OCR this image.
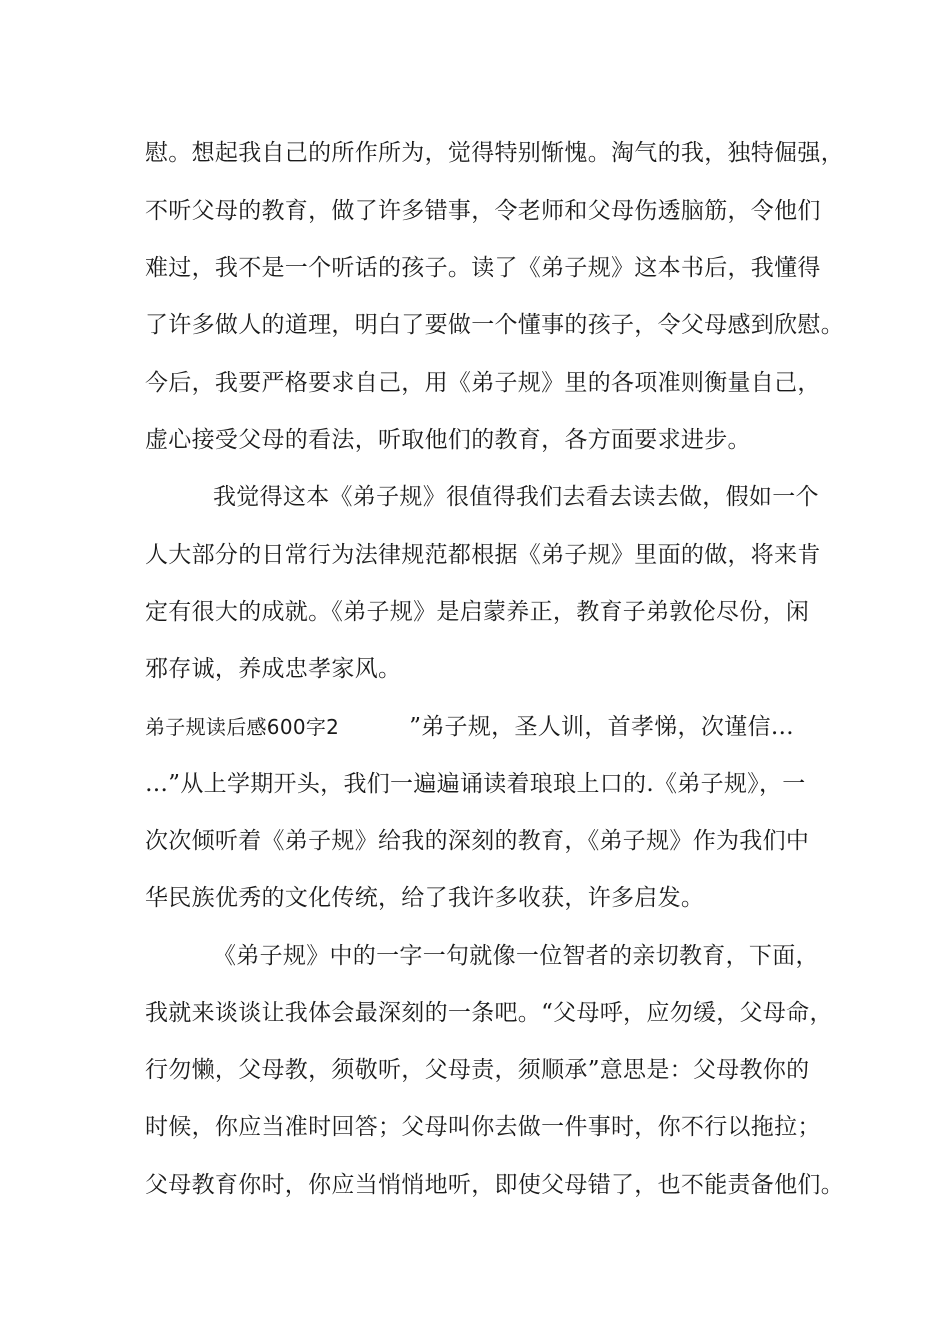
慰。想起我自己的所作所为，觉得特别惭愧。淘气的我，独特倔强，
不听父母的教育，做了许多错事，令老师和父母伤透脑筋，令他们
难过，我不是一个听话的孩子。读了《弟子规》这本书后，我懂得
了许多做人的道理，明白了要做一个懂事的孩子，令父母感到欣慰。
今后，我要严格要求自己，用《弟子规》里的各项准则衡量自己，
虚心接受父母的看法，听取他们的教育，各方面要求进步。
我觉得这本《弟子规》很值得我们去看去读去做，假如一个
人大部分的日常行为法律规范都根据《弟子规》里面的做，将来肯
定有很大的成就。《弟子规》是启蒙养正，教育子弟敦伦尽份，闲
邪存诚，养成忠孝家风。
弟子规读后感600字2	”弟子规，圣人训，首孝悌，次谨信…
…”从上学期开头，我们一遍遍诵读着琅琅上口的.《弟子规》，一
次次倾听着《弟子规》给我的深刻的教育，《弟子规》作为我们中
华民族优秀的文化传统，给了我许多收获，许多启发。
《弟子规》中的一字一句就像一位智者的亲切教育，下面，
我就来谈谈让我体会最深刻的一条吧。“父母呼，应勿缓，父母命，
行勿懒，父母教，须敬听，父母责，须顺承”意思是：父母教你的
时候，你应当准时回答；父母叫你去做一件事时，你不行以拖拉；
父母教育你时，你应当悄悄地听，即使父母错了，也不能责备他们。
